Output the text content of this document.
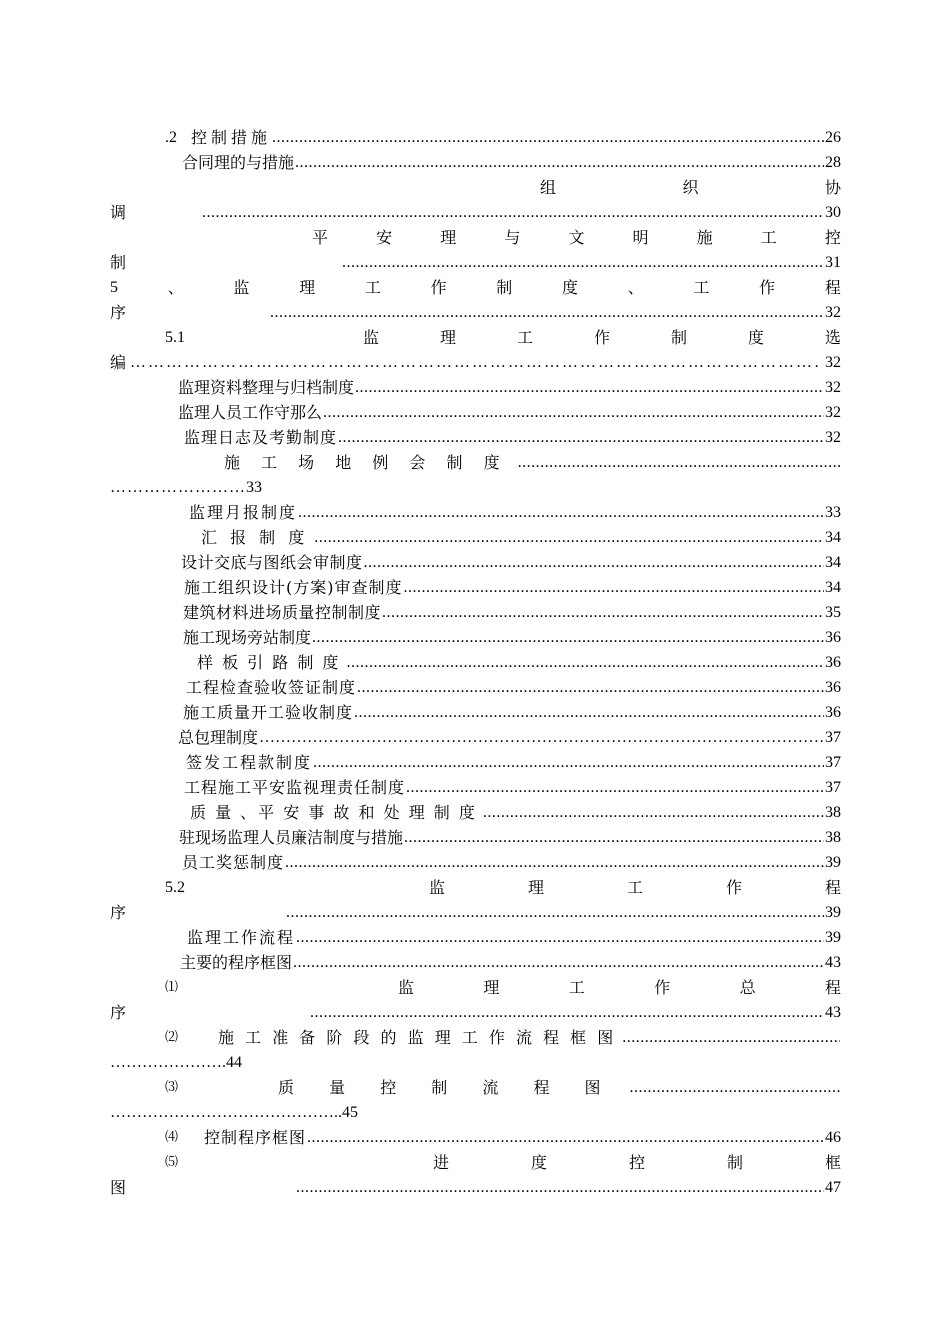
.2 控制措施 .....	26
合同理的与措施 .....	28
组	织	协
调 .....	30
平	安	理	与	文	明	施	工	控
制 .....	31
5	、	监	理	工	作	制	度	、	工	作	程
序 .....	32
5.1	监	理	工	作	制	度	选
编 …………………………………………………………………………………………………………………	32
监理资料整理与归档制度 .....	32
监理人员工作守那么 .....	32
监理日志及考勤制度 .....	32
施 工 场 地 例 会 制 度
.....
…………………… 33
监理月报制度 .....	33
汇 报 制 度 .....	34
设计交底与图纸会审制度 .....	34
施工组织设计(方案)审查制度 .....	34
建筑材料进场质量控制制度 .....	35
施工现场旁站制度 .....	36
样 板 引 路 制 度 .....	36
工程检查验收签证制度 .....	36
施工质量开工验收制度 .....	36
总包理制度 …………………………………………………………………………………………………………	37
签发工程款制度 .....	37
工程施工平安监视理责任制度 .....	37
质 量 、平 安 事 故 和 处 理 制 度 .....	38
驻现场监理人员廉洁制度与措施 .....	38
员工奖惩制度 .....	39
5.2	监	理	工	作	程
序 .....	39
监理工作流程 .....	39
主要的程序框图 .....	43
⑴	监	理	工	作	总	程
序 .....	43
⑵	施 工 准 备 阶 段 的 监 理 工 作 流 程 框 图
.....
…………………. 44
⑶	质 量 控 制 流 程 图
.....
…………………………………….. 45
⑷ 控制程序框图 .....	46
⑸	进	度	控	制	框
图 .....	47
